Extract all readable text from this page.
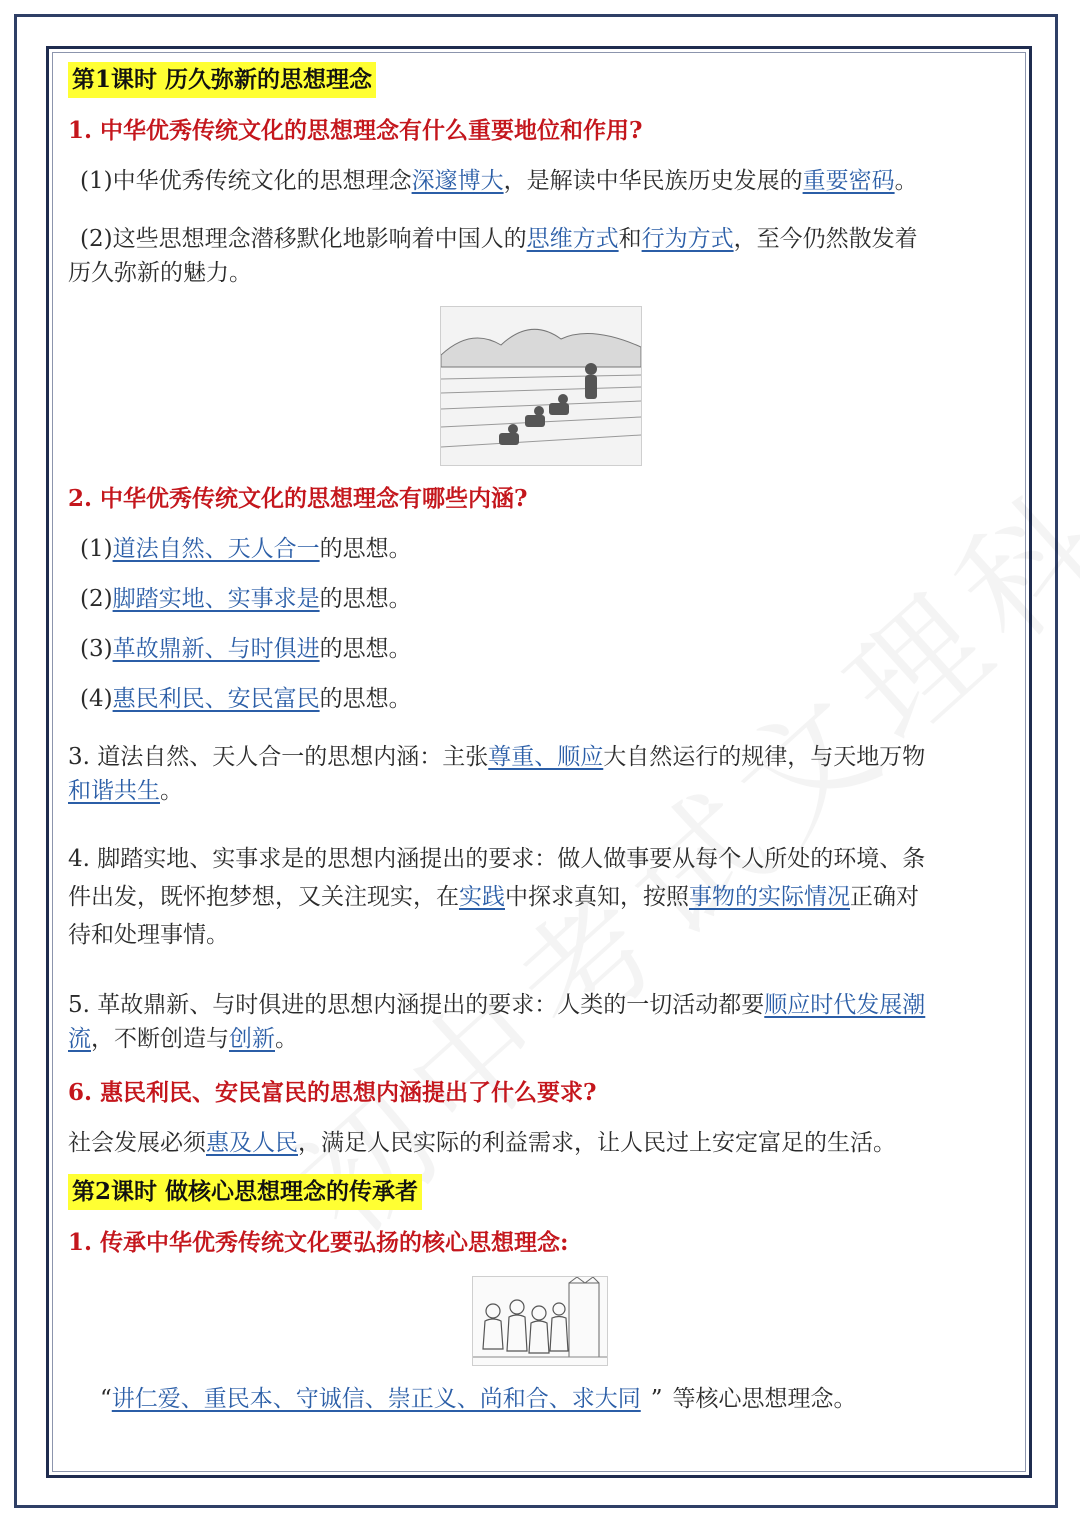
第1课时 历久弥新的思想理念
1. 中华优秀传统文化的思想理念有什么重要地位和作用?
(1)中华优秀传统文化的思想理念深邃博大，是解读中华民族历史发展的重要密码。
(2)这些思想理念潜移默化地影响着中国人的思维方式和行为方式，至今仍然散发着
历久弥新的魅力。
2. 中华优秀传统文化的思想理念有哪些内涵?
(1)道法自然、天人合一的思想。
(2)脚踏实地、实事求是的思想。
(3)革故鼎新、与时俱进的思想。
(4)惠民利民、安民富民的思想。
3. 道法自然、天人合一的思想内涵：主张尊重、顺应大自然运行的规律，与天地万物
和谐共生。
4. 脚踏实地、实事求是的思想内涵提出的要求：做人做事要从每个人所处的环境、条
件出发，既怀抱梦想，又关注现实，在实践中探求真知，按照事物的实际情况正确对
待和处理事情。
5. 革故鼎新、与时俱进的思想内涵提出的要求：人类的一切活动都要顺应时代发展潮
流，不断创造与创新。
6. 惠民利民、安民富民的思想内涵提出了什么要求?
社会发展必须惠及人民，满足人民实际的利益需求，让人民过上安定富足的生活。
第2课时 做核心思想理念的传承者
1. 传承中华优秀传统文化要弘扬的核心思想理念:
“讲仁爱、重民本、守诚信、崇正义、尚和合、求大同 ” 等核心思想理念。
